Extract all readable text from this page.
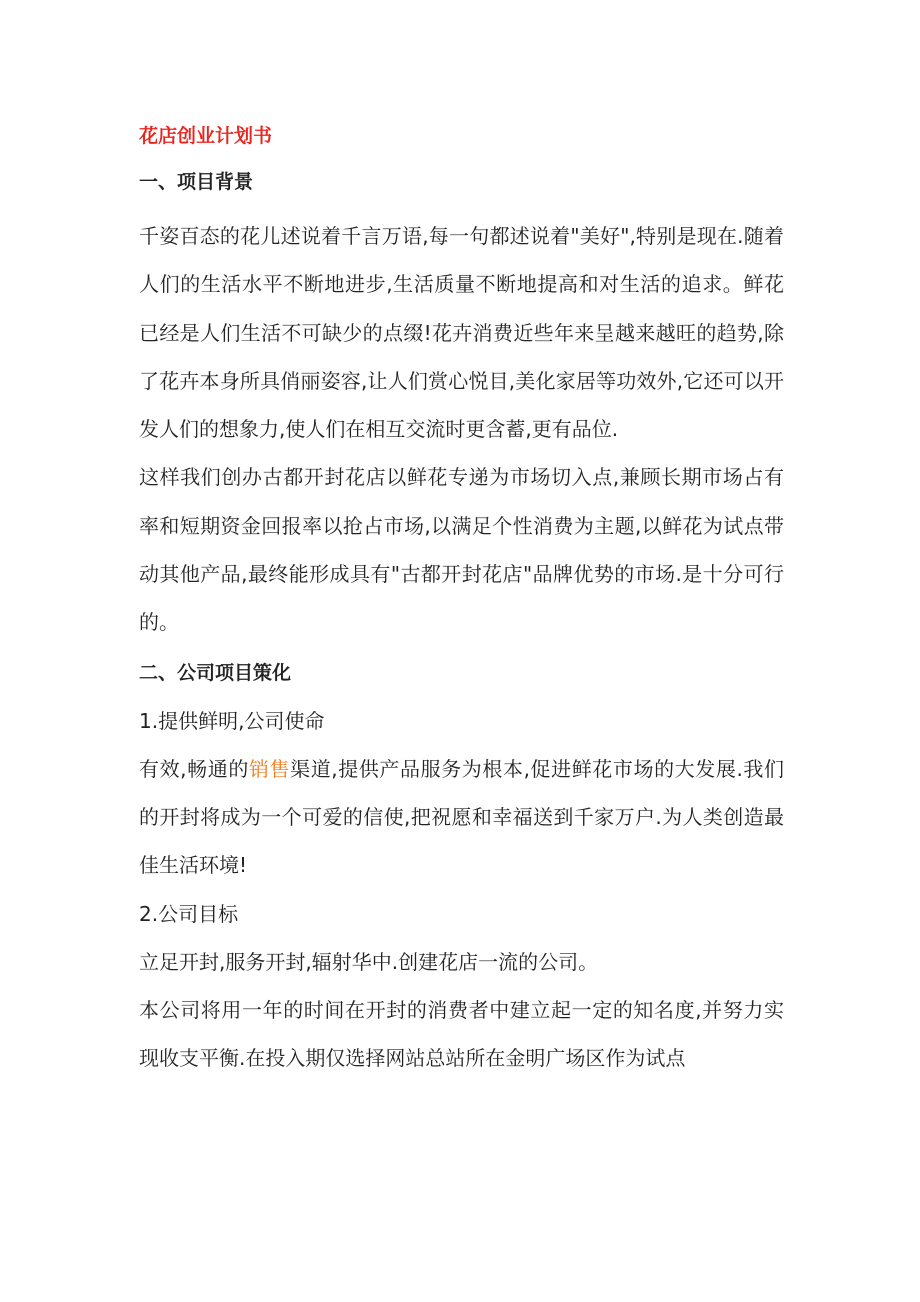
花店创业计划书
一、项目背景

千姿百态的花儿述说着千言万语,每一句都述说着"美好",特别是现在.随着人们的生活水平不断地进步,生活质量不断地提高和对生活的追求。鲜花已经是人们生活不可缺少的点缀!花卉消费近些年来呈越来越旺的趋势,除了花卉本身所具俏丽姿容,让人们赏心悦目,美化家居等功效外,它还可以开发人们的想象力,使人们在相互交流时更含蓄,更有品位.

这样我们创办古都开封花店以鲜花专递为市场切入点,兼顾长期市场占有率和短期资金回报率以抢占市场,以满足个性消费为主题,以鲜花为试点带动其他产品,最终能形成具有"古都开封花店"品牌优势的市场.是十分可行的。

二、公司项目策化
1.提供鲜明,公司使命

有效,畅通的销售渠道,提供产品服务为根本,促进鲜花市场的大发展.我们的开封将成为一个可爱的信使,把祝愿和幸福送到千家万户.为人类创造最佳生活环境!

2.公司目标

立足开封,服务开封,辐射华中.创建花店一流的公司。

本公司将用一年的时间在开封的消费者中建立起一定的知名度,并努力实现收支平衡.在投入期仅选择网站总站所在金明广场区作为试点
